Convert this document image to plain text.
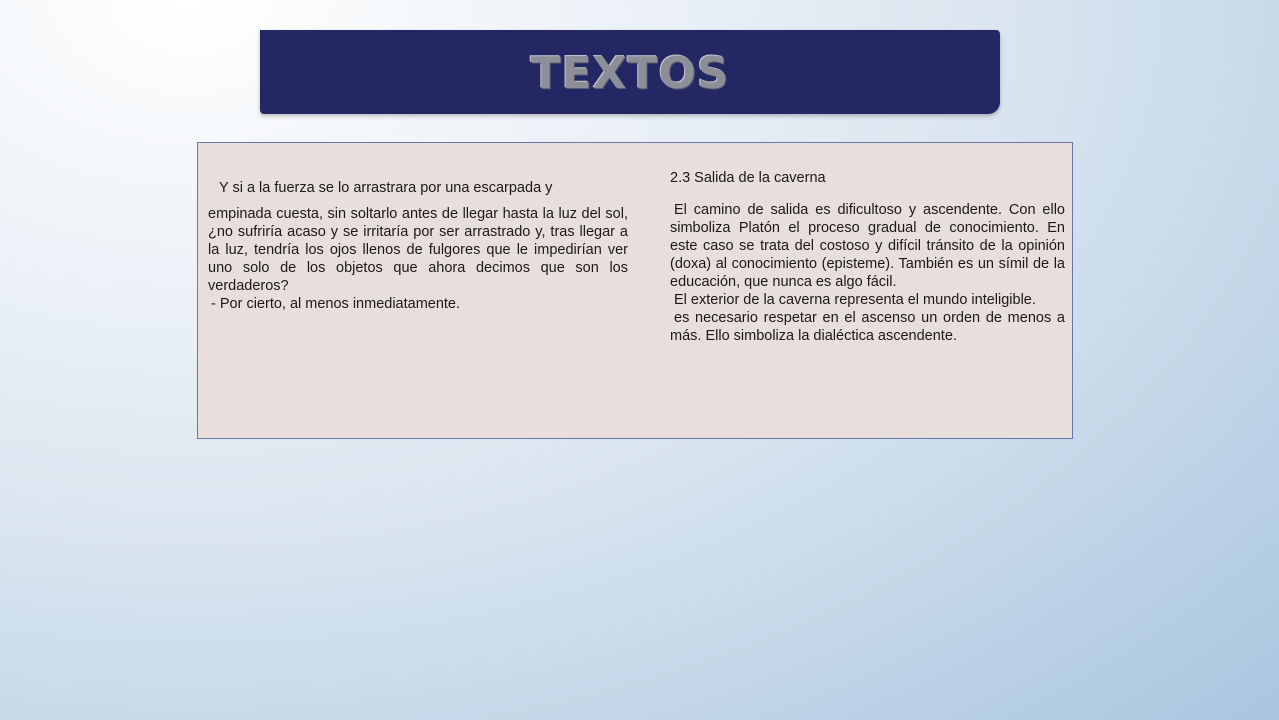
TEXTOS

Y si a la fuerza se lo arrastrara por una escarpada y

empinada cuesta, sin soltarlo antes de llegar hasta la luz del sol, ¿no sufriría acaso y se irritaría por ser arrastrado y, tras llegar a la luz, tendría los ojos llenos de fulgores que le impedirían ver uno solo de los objetos que ahora decimos que son los verdaderos?

- Por cierto, al menos inmediatamente.

2.3 Salida de la caverna

El camino de salida es dificultoso y ascendente. Con ello simboliza Platón el proceso gradual de conocimiento. En este caso se trata del costoso y difícil tránsito de la opinión (doxa) al conocimiento (episteme). También es un símil de la educación, que nunca es algo fácil.

El exterior de la caverna representa el mundo inteligible.

es necesario respetar en el ascenso un orden de menos a más. Ello simboliza la dialéctica ascendente.
